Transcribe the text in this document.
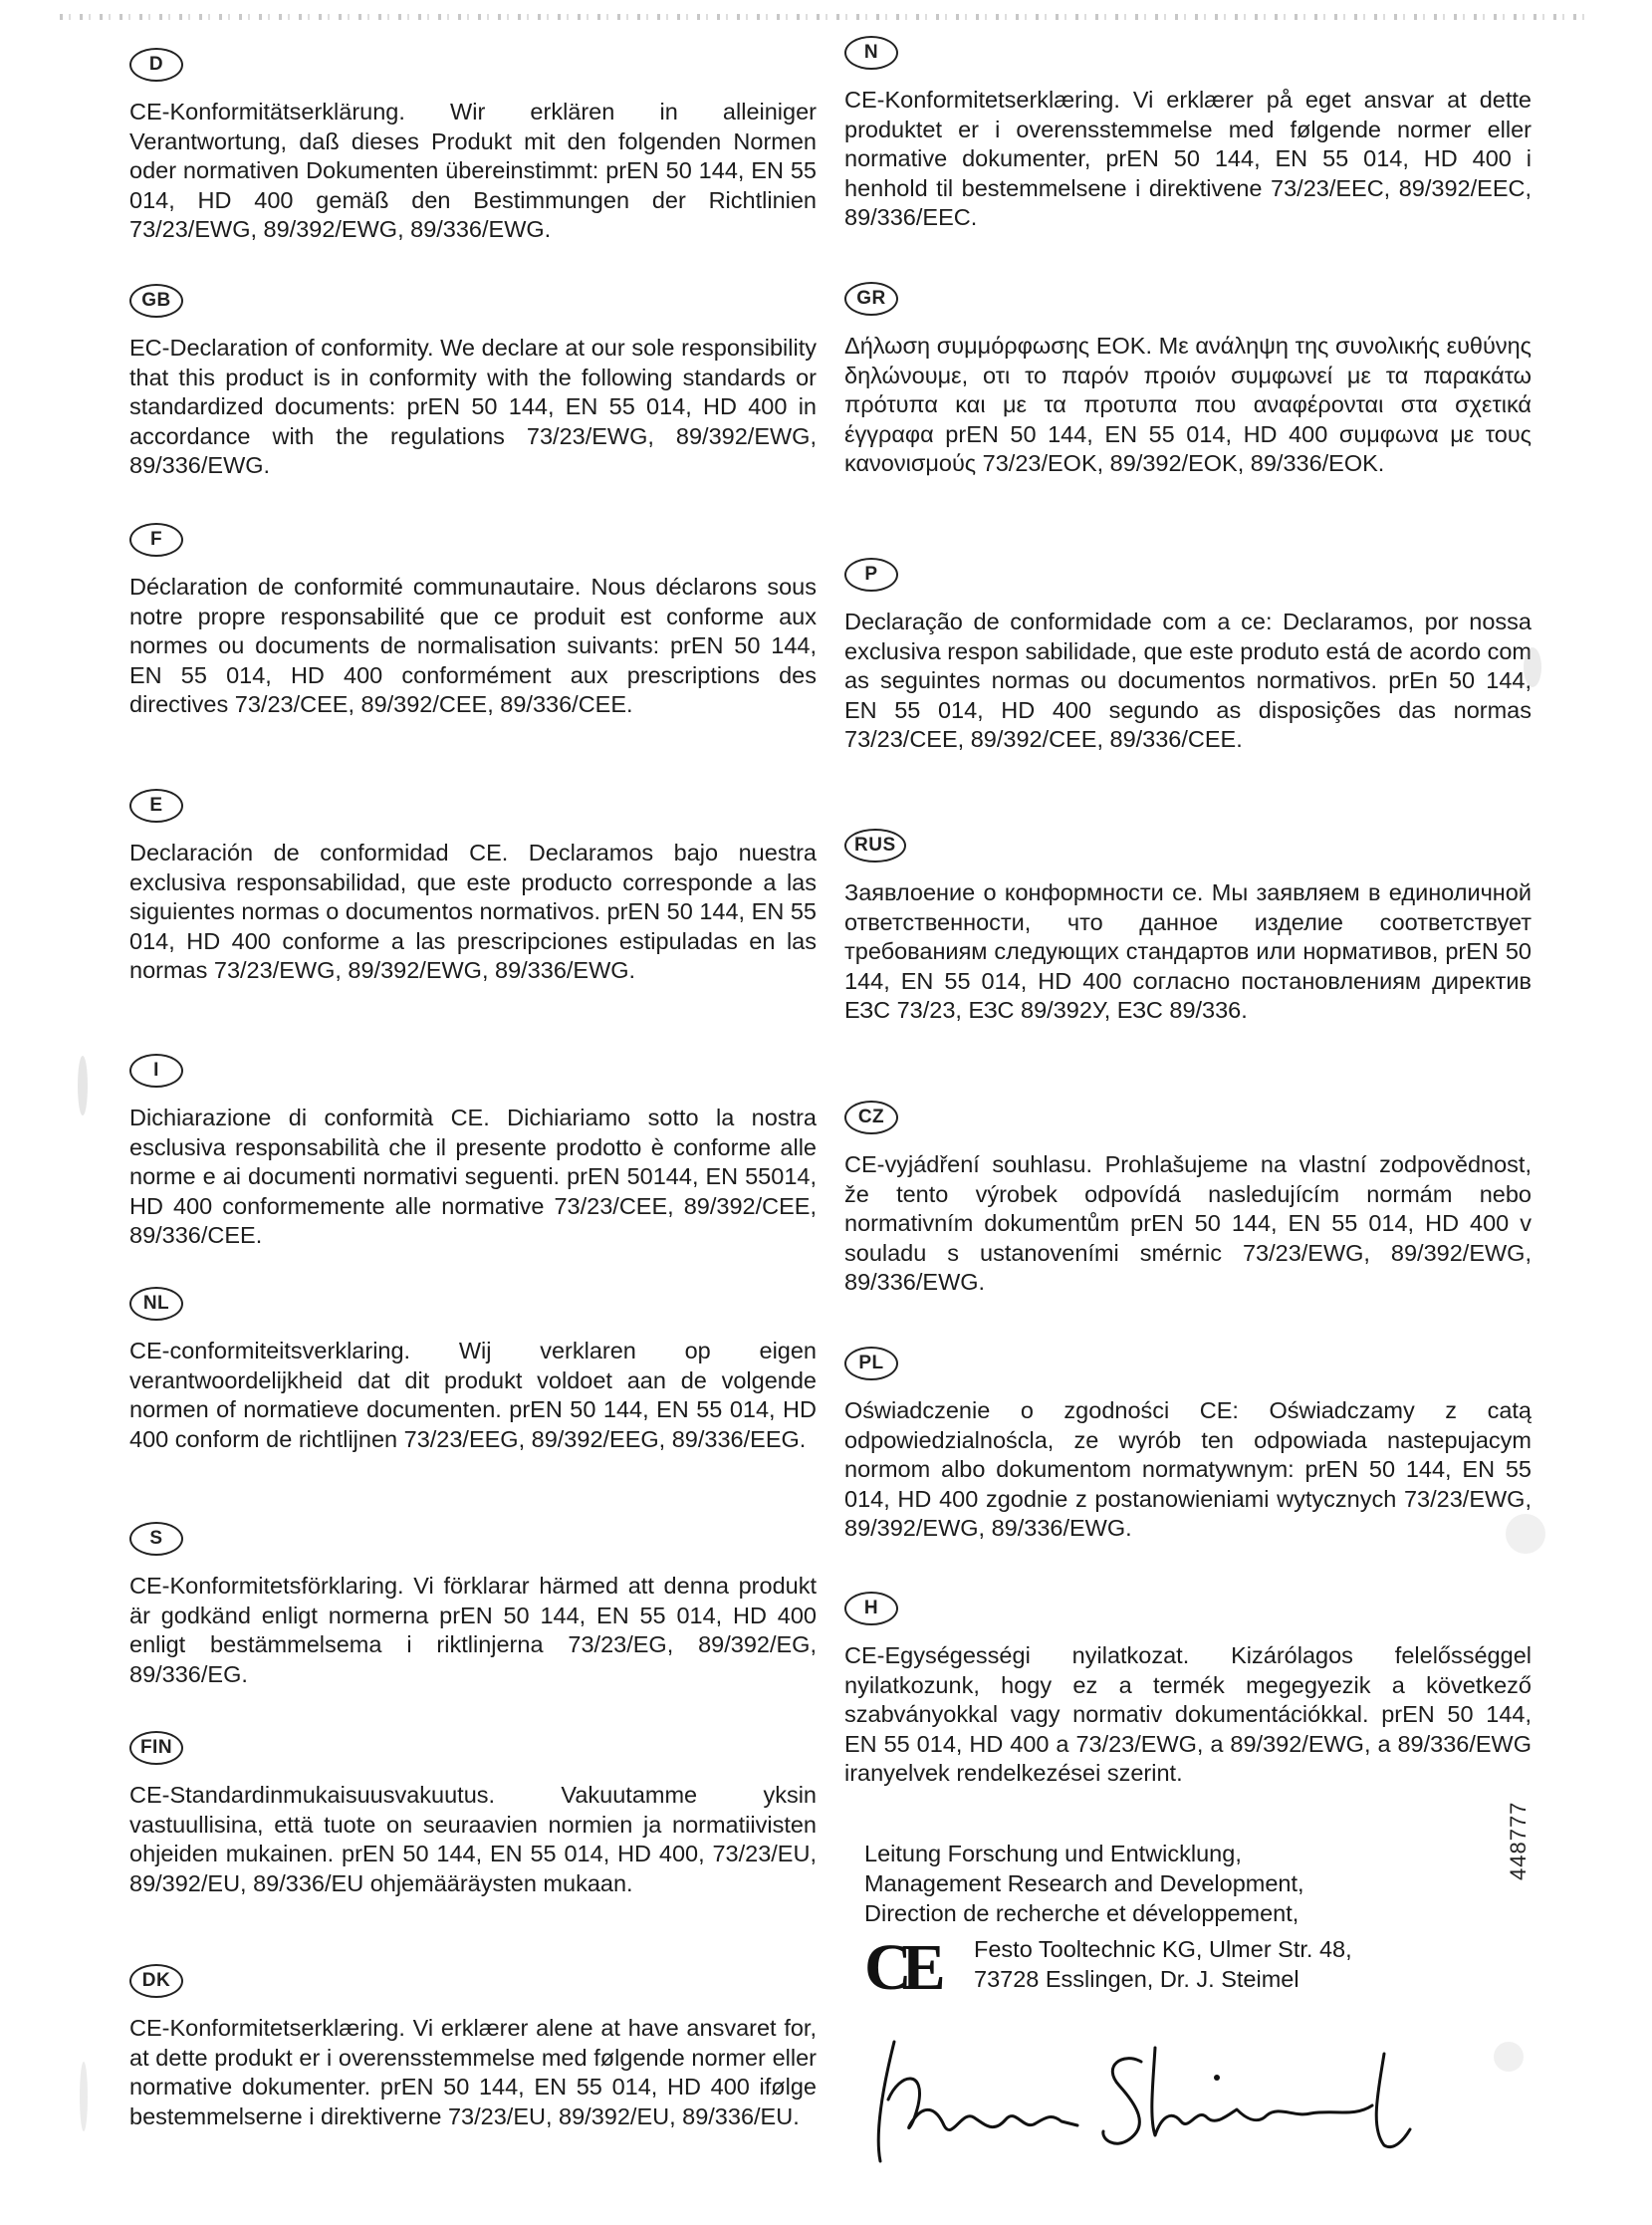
D
CE-Konformitätserklärung. Wir erklären in alleiniger Verantwortung, daß dieses Produkt mit den folgenden Normen oder normativen Dokumenten übereinstimmt: prEN 50 144, EN 55 014, HD 400 gemäß den Bestimmungen der Richtlinien 73/23/EWG, 89/392/EWG, 89/336/EWG.
GB
EC-Declaration of conformity. We declare at our sole responsibility that this product is in conformity with the following standards or standardized documents: prEN 50 144, EN 55 014, HD 400 in accordance with the regulations 73/23/EWG, 89/392/EWG, 89/336/EWG.
F
Déclaration de conformité communautaire. Nous déclarons sous notre propre responsabilité que ce produit est conforme aux normes ou documents de normalisation suivants: prEN 50 144, EN 55 014, HD 400 conformément aux prescriptions des directives 73/23/CEE, 89/392/CEE, 89/336/CEE.
E
Declaración de conformidad CE. Declaramos bajo nuestra exclusiva responsabilidad, que este producto corresponde a las siguientes normas o documentos normativos. prEN 50 144, EN 55 014, HD 400 conforme a las prescripciones estipuladas en las normas 73/23/EWG, 89/392/EWG, 89/336/EWG.
I
Dichiarazione di conformità CE. Dichiariamo sotto la nostra esclusiva responsabilità che il presente prodotto è conforme alle norme e ai documenti normativi seguenti. prEN 50144, EN 55014, HD 400 conformemente alle normative 73/23/CEE, 89/392/CEE, 89/336/CEE.
NL
CE-conformiteitsverklaring. Wij verklaren op eigen verantwoordelijkheid dat dit produkt voldoet aan de volgende normen of normatieve documenten. prEN 50 144, EN 55 014, HD 400 conform de richtlijnen 73/23/EEG, 89/392/EEG, 89/336/EEG.
S
CE-Konformitetsförklaring. Vi förklarar härmed att denna produkt är godkänd enligt normerna prEN 50 144, EN 55 014, HD 400 enligt bestämmelsema i riktlinjerna 73/23/EG, 89/392/EG, 89/336/EG.
FIN
CE-Standardinmukaisuusvakuutus. Vakuutamme yksin vastuullisina, että tuote on seuraavien normien ja normatiivisten ohjeiden mukainen. prEN 50 144, EN 55 014, HD 400, 73/23/EU, 89/392/EU, 89/336/EU ohjemääräysten mukaan.
DK
CE-Konformitetserklæring. Vi erklærer alene at have ansvaret for, at dette produkt er i overensstemmelse med følgende normer eller normative dokumenter. prEN 50 144, EN 55 014, HD 400 ifølge bestemmelserne i direktiverne 73/23/EU, 89/392/EU, 89/336/EU.
N
CE-Konformitetserklæring. Vi erklærer på eget ansvar at dette produktet er i overensstemmelse med følgende normer eller normative dokumenter, prEN 50 144, EN 55 014, HD 400 i henhold til bestemmelsene i direktivene 73/23/EEC, 89/392/EEC, 89/336/EEC.
GR
Δήλωση συμμόρφωσης ΕΟΚ. Με ανάληψη της συνολικής ευθύνης δηλώνουμε, οτι το παρόν προιόν συμφωνεί με τα παρακάτω πρότυπα και με τα προτυπα που αναφέρονται στα σχετικά έγγραφα prEN 50 144, EN 55 014, HD 400 συμφωνα με τους κανονισμούς 73/23/ΕΟΚ, 89/392/ΕΟΚ, 89/336/ΕΟΚ.
P
Declaração de conformidade com a ce: Declaramos, por nossa exclusiva respon sabilidade, que este produto está de acordo com as seguintes normas ou documentos normativos. prEn 50 144, EN 55 014, HD 400 segundo as disposições das normas 73/23/CEE, 89/392/CEE, 89/336/CEE.
RUS
Заявлоение о конформности се. Мы заявляем в единоличной ответственности, что данное изделие соответствует требованиям следующих стандартов или нормативов, prEN 50 144, EN 55 014, HD 400 согласно постановлениям директив ЕЗС 73/23, ЕЗС 89/392У, ЕЗС 89/336.
CZ
CE-vyjádření souhlasu. Prohlašujeme na vlastní zodpovědnost, že tento výrobek odpovídá nasledujícím normám nebo normativním dokumentům prEN 50 144, EN 55 014, HD 400 v souladu s ustanoveními smérnic 73/23/EWG, 89/392/EWG, 89/336/EWG.
PL
Oświadczenie o zgodności CE: Oświadczamy z catą odpowiedzialnoścla, ze wyrób ten odpowiada nastepujacym normom albo dokumentom normatywnym: prEN 50 144, EN 55 014, HD 400 zgodnie z postanowieniami wytycznych 73/23/EWG, 89/392/EWG, 89/336/EWG.
H
CE-Egységességi nyilatkozat. Kizárólagos felelősséggel nyilatkozunk, hogy ez a termék megegyezik a következő szabványokkal vagy normativ dokumentációkkal. prEN 50 144, EN 55 014, HD 400 a 73/23/EWG, a 89/392/EWG, a 89/336/EWG iranyelvek rendelkezései szerint.
Leitung Forschung und Entwicklung,
Management Research and Development,
Direction de recherche et développement,
CE Festo Tooltechnic KG, Ulmer Str. 48,
73728 Esslingen, Dr. J. Steimel
448777
